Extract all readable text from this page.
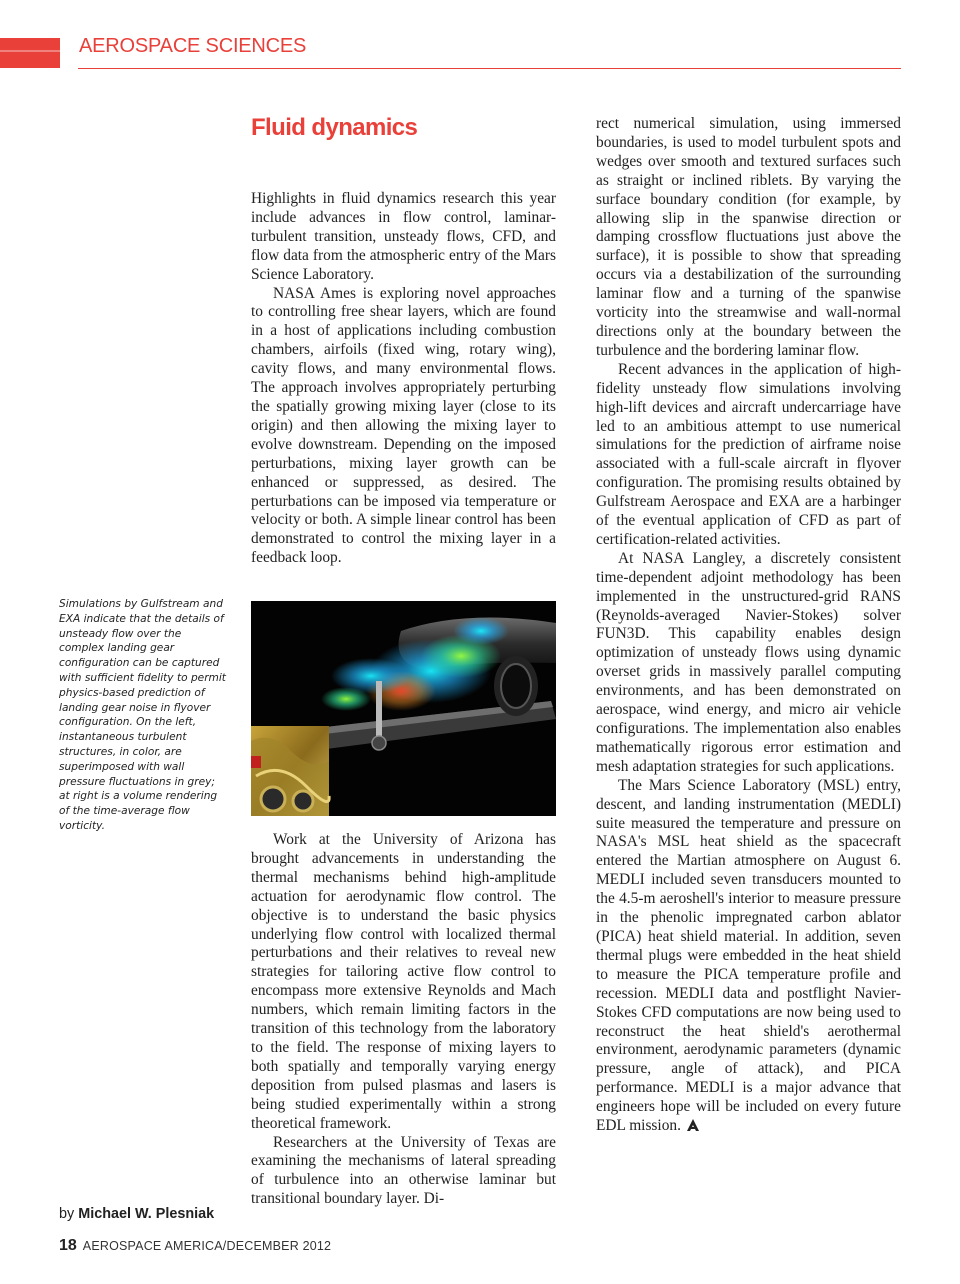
AEROSPACE SCIENCES
Fluid dynamics

Highlights in fluid dynamics research this year include advances in flow control, laminar-turbulent transition, unsteady flows, CFD, and flow data from the atmospheric entry of the Mars Science Laboratory.

NASA Ames is exploring novel approaches to controlling free shear layers, which are found in a host of applications including combustion chambers, airfoils (fixed wing, rotary wing), cavity flows, and many environmental flows. The approach involves appropriately perturbing the spatially growing mixing layer (close to its origin) and then allowing the mixing layer to evolve downstream. Depending on the imposed perturbations, mixing layer growth can be enhanced or suppressed, as desired. The perturbations can be imposed via temperature or velocity or both. A simple linear control has been demonstrated to control the mixing layer in a feedback loop.

Simulations by Gulfstream and EXA indicate that the details of unsteady flow over the complex landing gear configuration can be captured with sufficient fidelity to permit physics-based prediction of landing gear noise in flyover configuration. On the left, instantaneous turbulent structures, in color, are superimposed with wall pressure fluctuations in grey; at right is a volume rendering of the time-average flow vorticity.

Work at the University of Arizona has brought advancements in understanding the thermal mechanisms behind high-amplitude actuation for aerodynamic flow control. The objective is to understand the basic physics underlying flow control with localized thermal perturbations and their relatives to reveal new strategies for tailoring active flow control to encompass more extensive Reynolds and Mach numbers, which remain limiting factors in the transition of this technology from the laboratory to the field. The response of mixing layers to both spatially and temporally varying energy deposition from pulsed plasmas and lasers is being studied experimentally within a strong theoretical framework.

Researchers at the University of Texas are examining the mechanisms of lateral spreading of turbulence into an otherwise laminar but transitional boundary layer. Di-

rect numerical simulation, using immersed boundaries, is used to model turbulent spots and wedges over smooth and textured surfaces such as straight or inclined riblets. By varying the surface boundary condition (for example, by allowing slip in the spanwise direction or damping crossflow fluctuations just above the surface), it is possible to show that spreading occurs via a destabilization of the surrounding laminar flow and a turning of the spanwise vorticity into the streamwise and wall-normal directions only at the boundary between the turbulence and the bordering laminar flow.

Recent advances in the application of high-fidelity unsteady flow simulations involving high-lift devices and aircraft undercarriage have led to an ambitious attempt to use numerical simulations for the prediction of airframe noise associated with a full-scale aircraft in flyover configuration. The promising results obtained by Gulfstream Aerospace and EXA are a harbinger of the eventual application of CFD as part of certification-related activities.

At NASA Langley, a discretely consistent time-dependent adjoint methodology has been implemented in the unstructured-grid RANS (Reynolds-averaged Navier-Stokes) solver FUN3D. This capability enables design optimization of unsteady flows using dynamic overset grids in massively parallel computing environments, and has been demonstrated on aerospace, wind energy, and micro air vehicle configurations. The implementation also enables mathematically rigorous error estimation and mesh adaptation strategies for such applications.

The Mars Science Laboratory (MSL) entry, descent, and landing instrumentation (MEDLI) suite measured the temperature and pressure on NASA's MSL heat shield as the spacecraft entered the Martian atmosphere on August 6. MEDLI included seven transducers mounted to the 4.5-m aeroshell's interior to measure pressure in the phenolic impregnated carbon ablator (PICA) heat shield material. In addition, seven thermal plugs were embedded in the heat shield to measure the PICA temperature profile and recession. MEDLI data and postflight Navier-Stokes CFD computations are now being used to reconstruct the heat shield's aerothermal environment, aerodynamic parameters (dynamic pressure, angle of attack), and PICA performance. MEDLI is a major advance that engineers hope will be included on every future EDL mission.

by Michael W. Plesniak
18 AEROSPACE AMERICA/DECEMBER 2012
